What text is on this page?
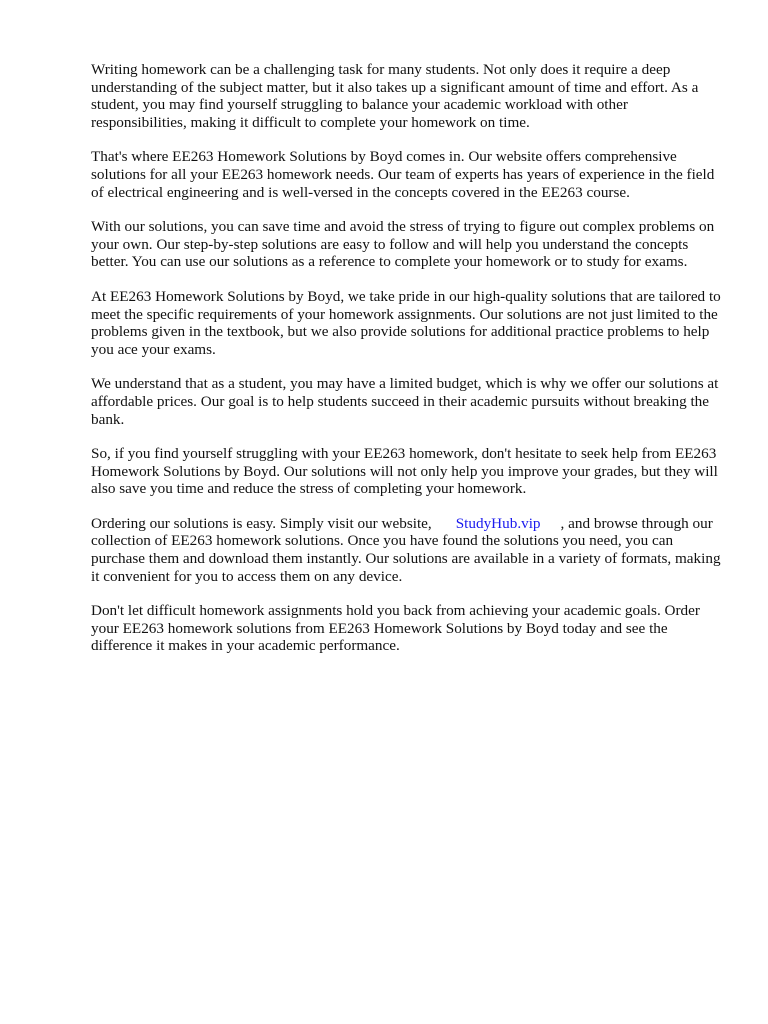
Writing homework can be a challenging task for many students. Not only does it require a deep understanding of the subject matter, but it also takes up a significant amount of time and effort. As a student, you may find yourself struggling to balance your academic workload with other responsibilities, making it difficult to complete your homework on time.

That's where EE263 Homework Solutions by Boyd comes in. Our website offers comprehensive solutions for all your EE263 homework needs. Our team of experts has years of experience in the field of electrical engineering and is well-versed in the concepts covered in the EE263 course.

With our solutions, you can save time and avoid the stress of trying to figure out complex problems on your own. Our step-by-step solutions are easy to follow and will help you understand the concepts better. You can use our solutions as a reference to complete your homework or to study for exams.

At EE263 Homework Solutions by Boyd, we take pride in our high-quality solutions that are tailored to meet the specific requirements of your homework assignments. Our solutions are not just limited to the problems given in the textbook, but we also provide solutions for additional practice problems to help you ace your exams.

We understand that as a student, you may have a limited budget, which is why we offer our solutions at affordable prices. Our goal is to help students succeed in their academic pursuits without breaking the bank.

So, if you find yourself struggling with your EE263 homework, don't hesitate to seek help from EE263 Homework Solutions by Boyd. Our solutions will not only help you improve your grades, but they will also save you time and reduce the stress of completing your homework.

Ordering our solutions is easy. Simply visit our website, StudyHub.vip , and browse through our collection of EE263 homework solutions. Once you have found the solutions you need, you can purchase them and download them instantly. Our solutions are available in a variety of formats, making it convenient for you to access them on any device.

Don't let difficult homework assignments hold you back from achieving your academic goals. Order your EE263 homework solutions from EE263 Homework Solutions by Boyd today and see the difference it makes in your academic performance.
